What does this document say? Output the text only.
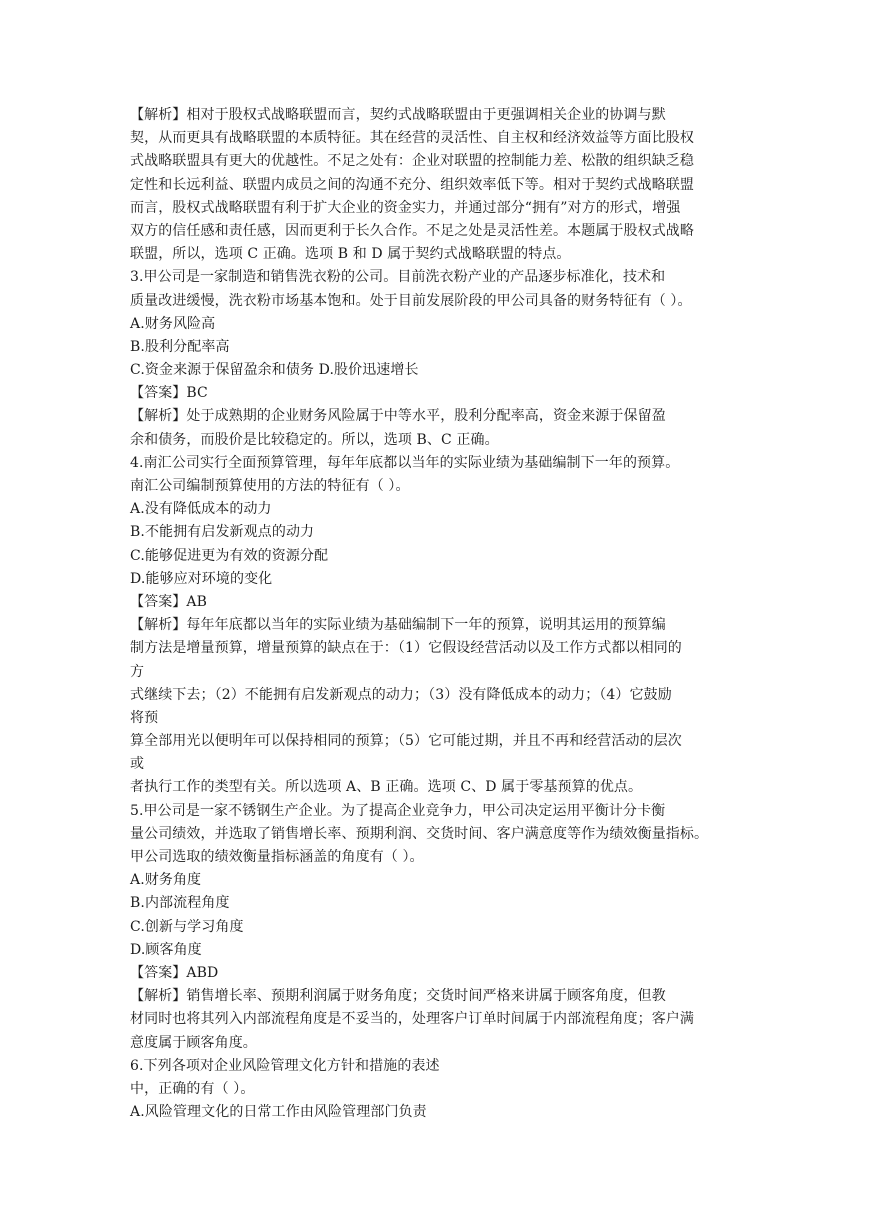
【解析】相对于股权式战略联盟而言，契约式战略联盟由于更强调相关企业的协调与默
契，从而更具有战略联盟的本质特征。其在经营的灵活性、自主权和经济效益等方面比股权
式战略联盟具有更大的优越性。不足之处有：企业对联盟的控制能力差、松散的组织缺乏稳
定性和长远利益、联盟内成员之间的沟通不充分、组织效率低下等。相对于契约式战略联盟
而言，股权式战略联盟有利于扩大企业的资金实力，并通过部分“拥有”对方的形式，增强
双方的信任感和责任感，因而更利于长久合作。不足之处是灵活性差。本题属于股权式战略
联盟，所以，选项 C 正确。选项 B 和 D 属于契约式战略联盟的特点。
3.甲公司是一家制造和销售洗衣粉的公司。目前洗衣粉产业的产品逐步标准化，技术和
质量改进缓慢，洗衣粉市场基本饱和。处于目前发展阶段的甲公司具备的财务特征有（ ）。
A.财务风险高
B.股利分配率高
C.资金来源于保留盈余和债务 D.股价迅速增长
【答案】BC
【解析】处于成熟期的企业财务风险属于中等水平，股利分配率高，资金来源于保留盈
余和债务，而股价是比较稳定的。所以，选项 B、C 正确。
4.南汇公司实行全面预算管理，每年年底都以当年的实际业绩为基础编制下一年的预算。
南汇公司编制预算使用的方法的特征有（ ）。
A.没有降低成本的动力
B.不能拥有启发新观点的动力
C.能够促进更为有效的资源分配
D.能够应对环境的变化
【答案】AB
【解析】每年年底都以当年的实际业绩为基础编制下一年的预算，说明其运用的预算编
制方法是增量预算，增量预算的缺点在于：（1）它假设经营活动以及工作方式都以相同的
方
式继续下去；（2）不能拥有启发新观点的动力；（3）没有降低成本的动力；（4）它鼓励
将预
算全部用光以便明年可以保持相同的预算；（5）它可能过期，并且不再和经营活动的层次
或
者执行工作的类型有关。所以选项 A、B 正确。选项 C、D 属于零基预算的优点。
5.甲公司是一家不锈钢生产企业。为了提高企业竞争力，甲公司决定运用平衡计分卡衡
量公司绩效，并选取了销售增长率、预期利润、交货时间、客户满意度等作为绩效衡量指标。
甲公司选取的绩效衡量指标涵盖的角度有（ ）。
A.财务角度
B.内部流程角度
C.创新与学习角度
D.顾客角度
【答案】ABD
【解析】销售增长率、预期利润属于财务角度；交货时间严格来讲属于顾客角度，但教
材同时也将其列入内部流程角度是不妥当的，处理客户订单时间属于内部流程角度；客户满
意度属于顾客角度。
6.下列各项对企业风险管理文化方针和措施的表述
中，正确的有（ ）。
A.风险管理文化的日常工作由风险管理部门负责
